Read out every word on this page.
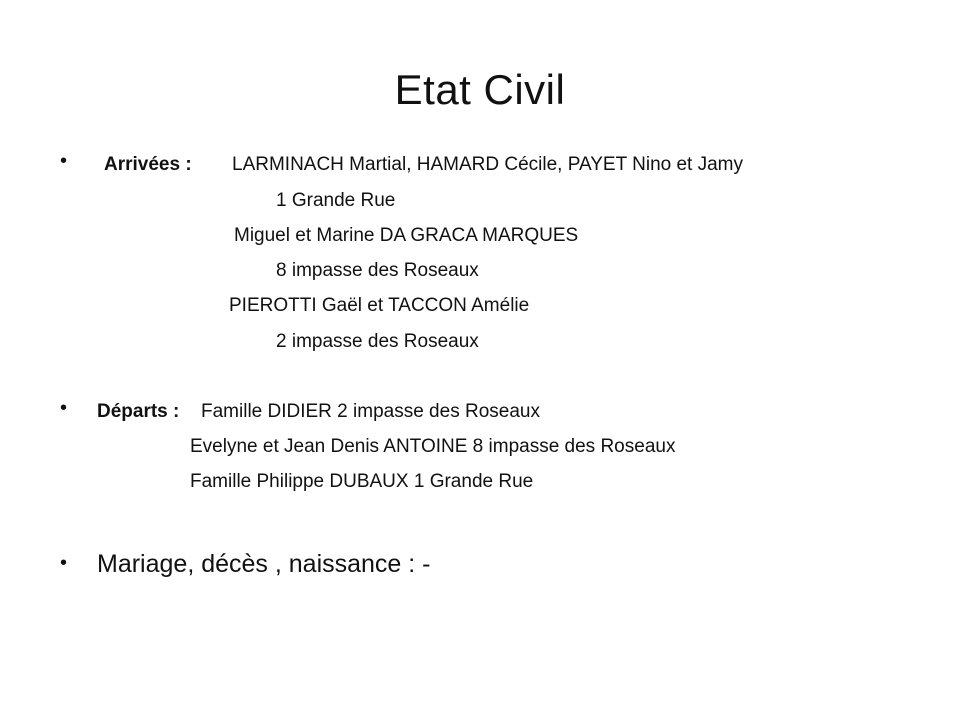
Etat Civil
• Arrivées : LARMINACH Martial, HAMARD Cécile, PAYET Nino et Jamy
1 Grande Rue
Miguel et Marine DA GRACA MARQUES
8 impasse des Roseaux
PIEROTTI Gaël et TACCON Amélie
2 impasse des Roseaux
• Départs : Famille DIDIER 2 impasse des Roseaux
Evelyne et Jean Denis ANTOINE 8 impasse des Roseaux
Famille Philippe DUBAUX 1 Grande Rue
• Mariage, décès , naissance : -
